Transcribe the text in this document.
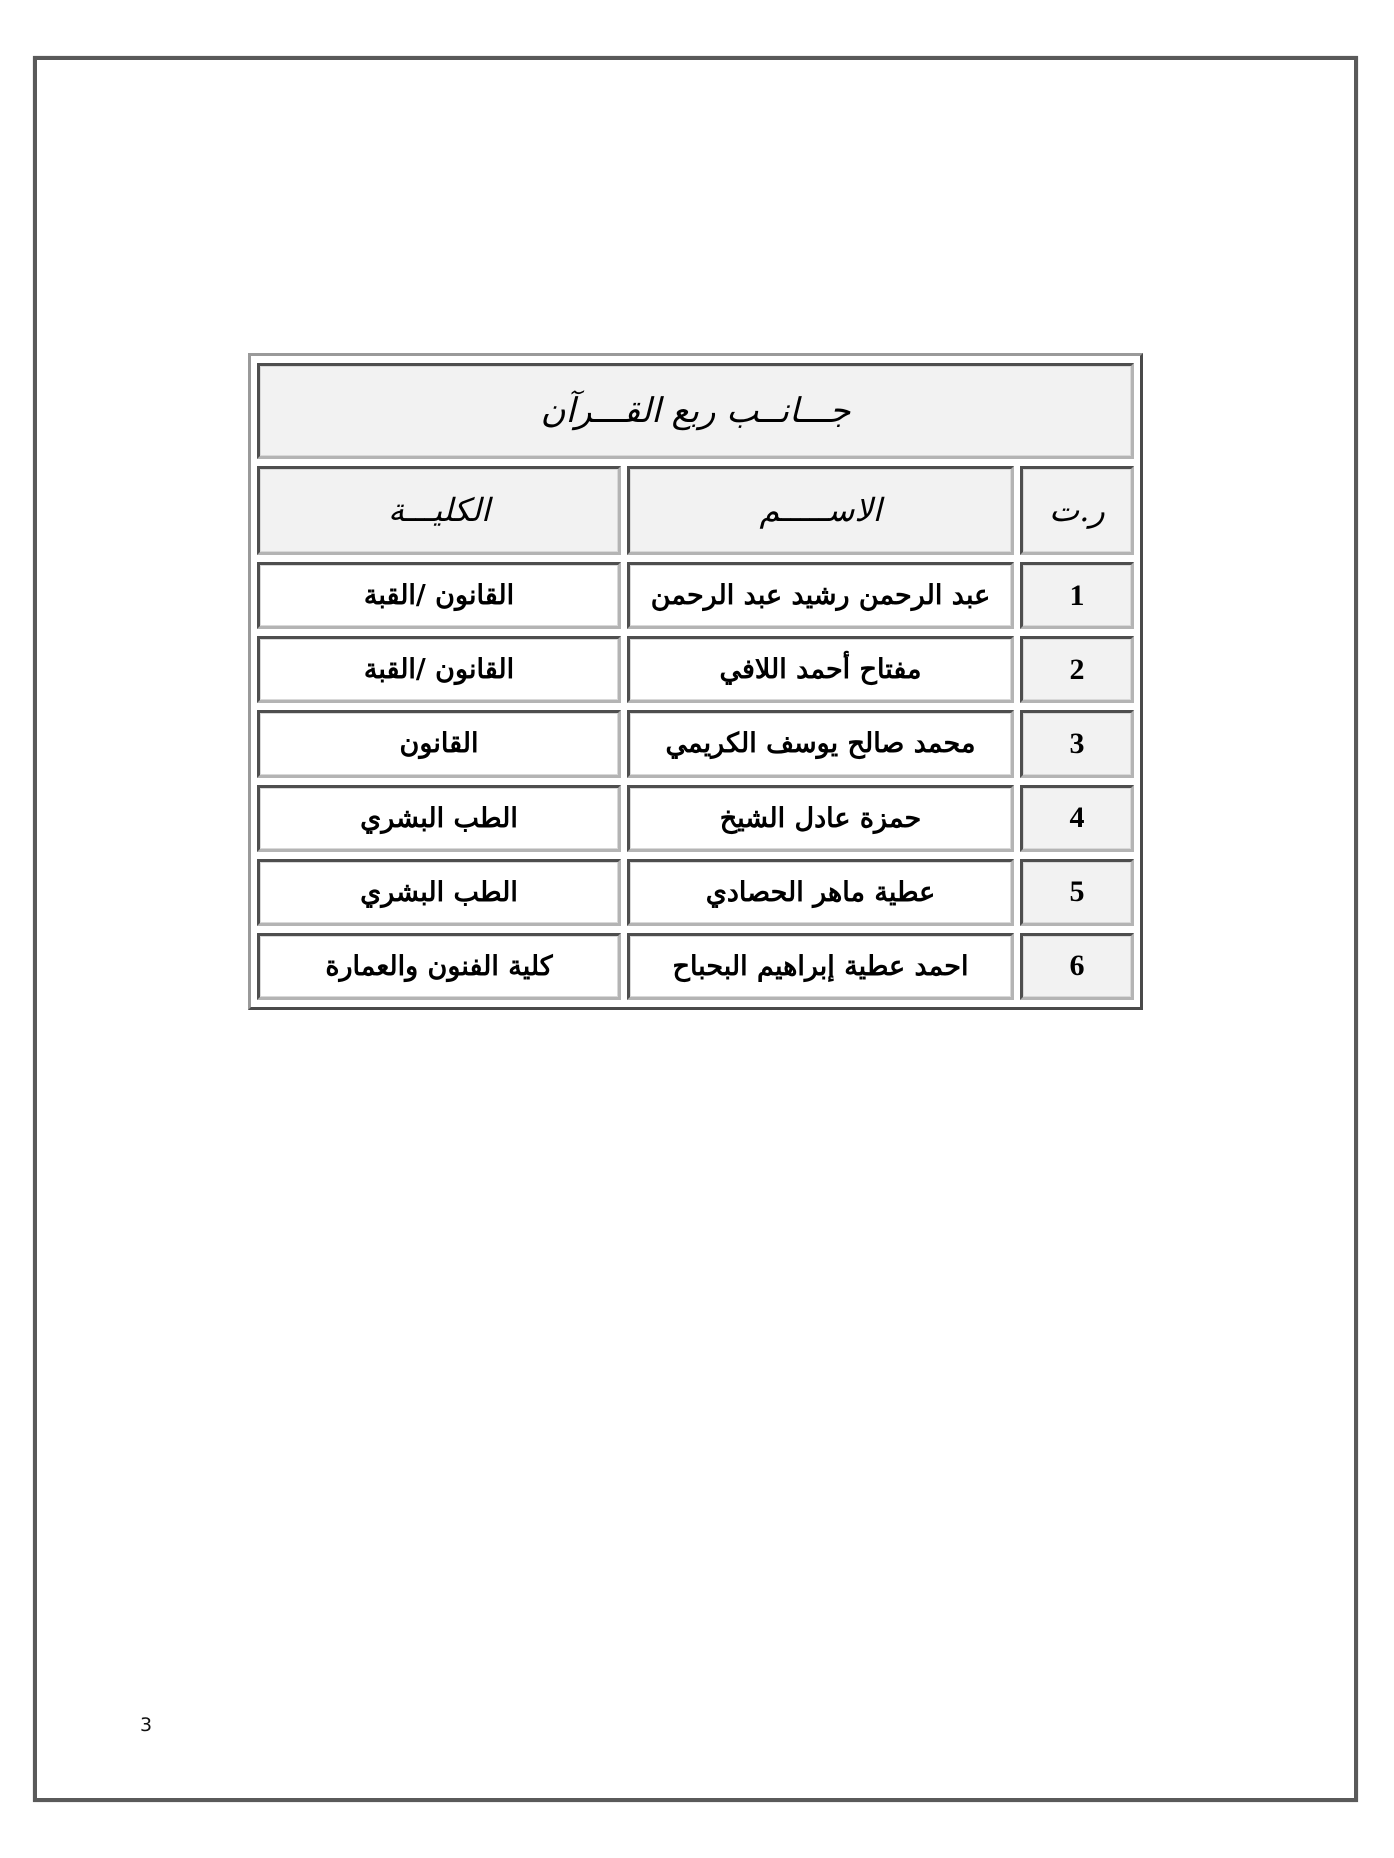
جـــانــب ربع القـــرآن		
ر.ت	الاســـــم	الكليـــة
1	عبد الرحمن رشيد عبد الرحمن	القانون /القبة
2	مفتاح أحمد اللافي	القانون /القبة
3	محمد صالح يوسف الكريمي	القانون
4	حمزة عادل الشيخ	الطب البشري
5	عطية ماهر الحصادي	الطب البشري
6	احمد عطية إبراهيم البحباح	كلية الفنون والعمارة
3
